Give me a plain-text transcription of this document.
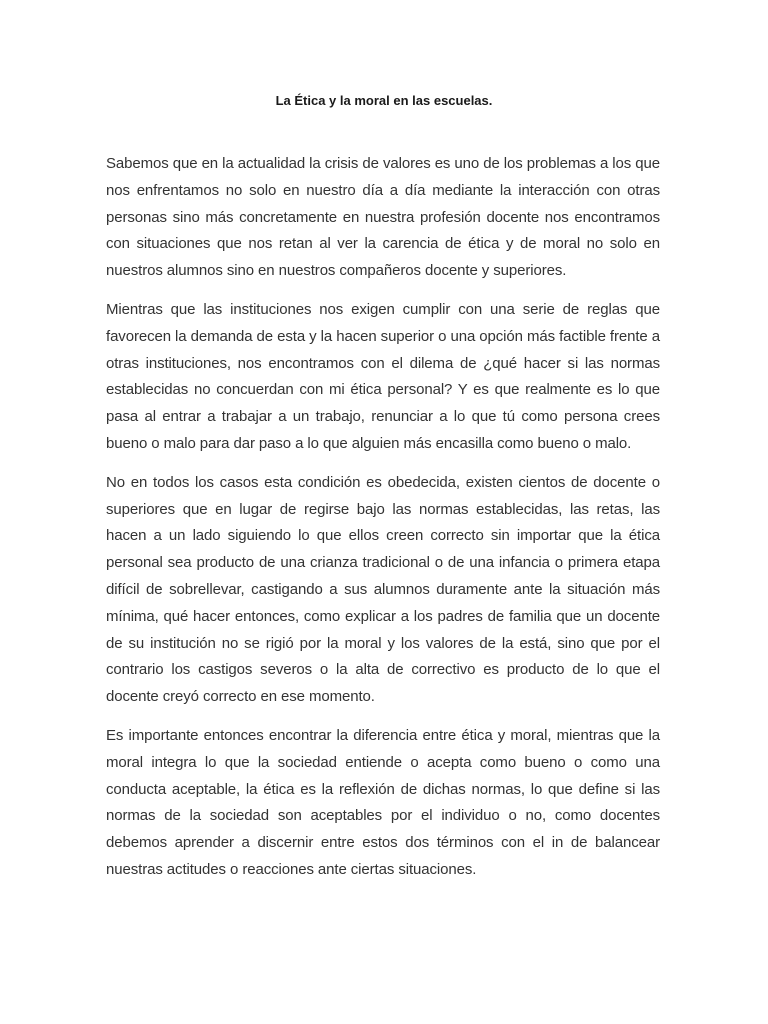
La Ética y la moral en las escuelas.

Sabemos que en la actualidad la crisis de valores es uno de los problemas a los que nos enfrentamos no solo en nuestro día a día mediante la interacción con otras personas sino más concretamente en nuestra profesión docente nos encontramos con situaciones que nos retan al ver la carencia de ética y de moral no solo en nuestros alumnos sino en nuestros compañeros docente y superiores.

Mientras que las instituciones nos exigen cumplir con una serie de reglas que favorecen la demanda de esta y la hacen superior o una opción más factible frente a otras instituciones, nos encontramos con el dilema de ¿qué hacer si las normas establecidas no concuerdan con mi ética personal? Y es que realmente es lo que pasa al entrar a trabajar a un trabajo, renunciar a lo que tú como persona crees bueno o malo para dar paso a lo que alguien más encasilla como bueno o malo.

No en todos los casos esta condición es obedecida, existen cientos de docente o superiores que en lugar de regirse bajo las normas establecidas, las retas, las hacen a un lado siguiendo lo que ellos creen correcto sin importar que la ética personal sea producto de una crianza tradicional o de una infancia o primera etapa difícil de sobrellevar, castigando a sus alumnos duramente ante la situación más mínima, qué hacer entonces, como explicar a los padres de familia que un docente de su institución no se rigió por la moral y los valores de la está, sino que por el contrario los castigos severos o la alta de correctivo es producto de lo que el docente creyó correcto en ese momento.

Es importante entonces encontrar la diferencia entre ética y moral, mientras que la moral integra lo que la sociedad entiende o acepta como bueno o como una conducta aceptable, la ética es la reflexión de dichas normas, lo que define si las normas de la sociedad son aceptables por el individuo o no, como docentes debemos aprender a discernir entre estos dos términos con el in de balancear nuestras actitudes o reacciones ante ciertas situaciones.
